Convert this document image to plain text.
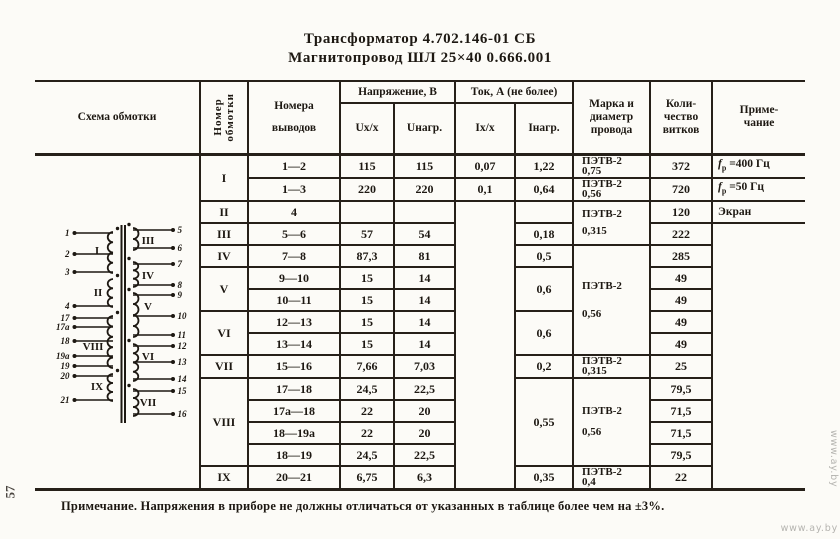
Трансформатор 4.702.146-01 СБ
Магнитопровод ШЛ 25×40 0.666.001
Схема обмотки	Номер обмотки	Номера
выводов
	Напряжение, В	Ток, А (не более)	Марка и диаметр провода	Коли-чество витков	Приме-чание
			Ux/x	Uнагр.	Ix/x	Iнагр.			

1
2
3
I
4
II
17
17а
18
19а
19
VIII
20
21
IX
5
6
III
7
8
IV
9
10
11
V
12
13
14
VI
15
16
VII
	I	1—2	115	115	0,07	1,22	ПЭТВ-2
0,75	372	$f_р =400$ Гц
		1—3	220	220	0,1	0,64	ПЭТВ-2
0,56	720	$f_р =50$ Гц
	II	4					ПЭТВ-2
0,315	120	Экран
	III	5—6	57	54		0,18		222	
	IV	7—8	87,3	81		0,5	ПЭТВ-2
0,56	285	
	V	9—10	15	14		0,6		49	
		10—11	15	14				49	
	VI	12—13	15	14		0,6		49	
		13—14	15	14				49	
	VII	15—16	7,66	7,03		0,2	ПЭТВ-2
0,315	25	
	VIII	17—18	24,5	22,5		0,55	ПЭТВ-2
0,56	79,5	
		17а—18	22	20				71,5	
		18—19а	22	20				71,5	
		18—19	24,5	22,5				79,5	
	IX	20—21	6,75	6,3		0,35	ПЭТВ-2
0,4	22	
Примечание. Напряжения в приборе не должны отличаться от указанных в таблице более чем на ±3%.
57
www.ay.by
www.ay.by
